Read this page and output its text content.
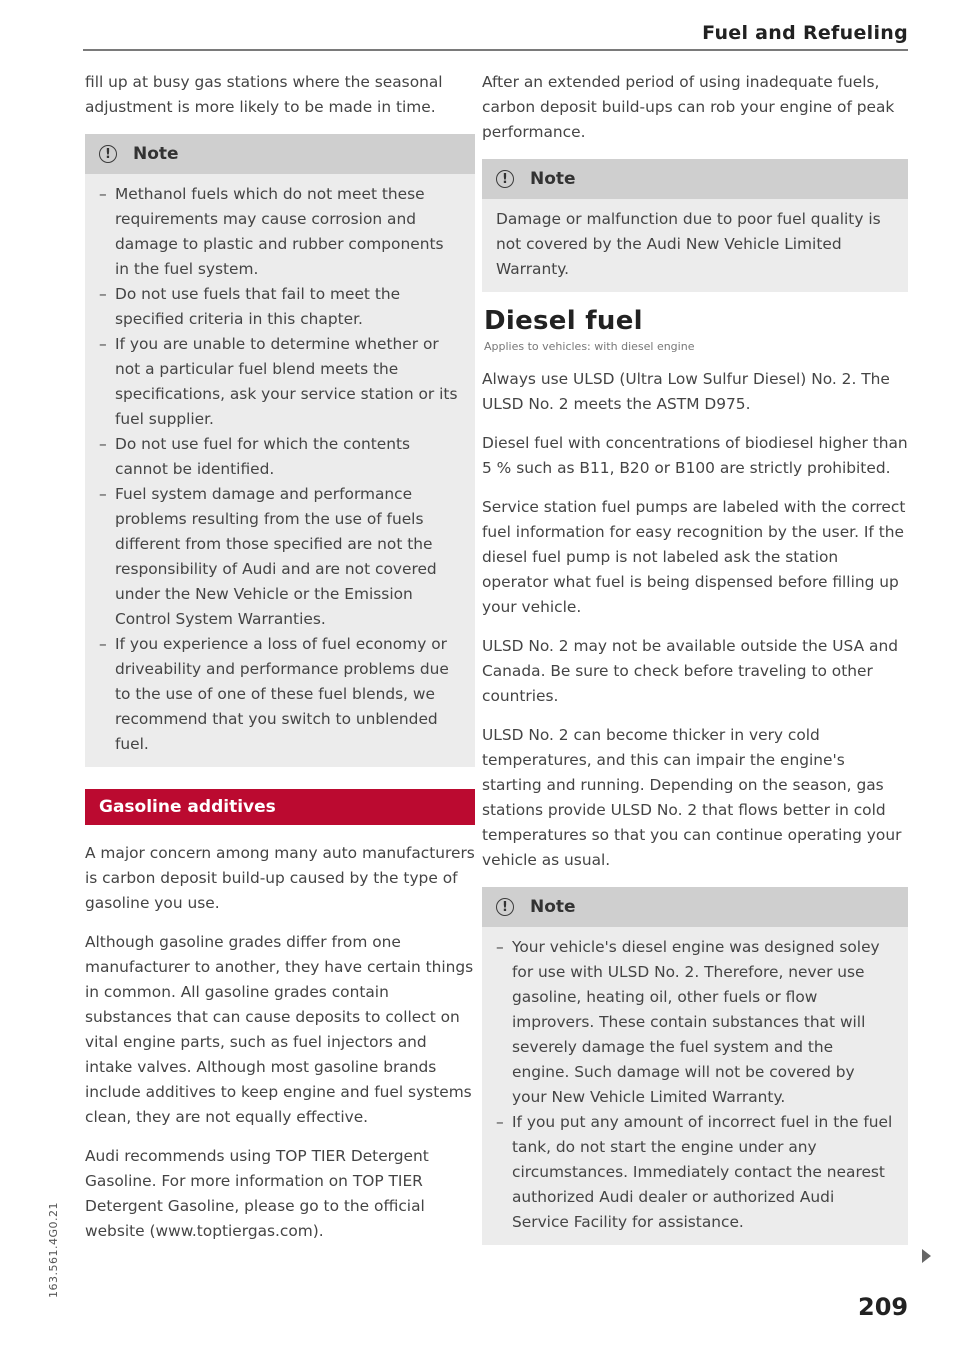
Fuel and Refueling

fill up at busy gas stations where the seasonal adjustment is more likely to be made in time.

!	Note
– Methanol fuels which do not meet these requirements may cause corrosion and damage to plastic and rubber components in the fuel system.
– Do not use fuels that fail to meet the specified criteria in this chapter.
– If you are unable to determine whether or not a particular fuel blend meets the specifications, ask your service station or its fuel supplier.
– Do not use fuel for which the contents cannot be identified.
– Fuel system damage and performance problems resulting from the use of fuels different from those specified are not the responsibility of Audi and are not covered under the New Vehicle or the Emission Control System Warranties.
– If you experience a loss of fuel economy or driveability and performance problems due to the use of one of these fuel blends, we recommend that you switch to unblended fuel.
Gasoline additives

A major concern among many auto manufacturers is carbon deposit build-up caused by the type of gasoline you use.

Although gasoline grades differ from one manufacturer to another, they have certain things in common. All gasoline grades contain substances that can cause deposits to collect on vital engine parts, such as fuel injectors and intake valves. Although most gasoline brands include additives to keep engine and fuel systems clean, they are not equally effective.

Audi recommends using TOP TIER Detergent Gasoline. For more information on TOP TIER Detergent Gasoline, please go to the official website (www.toptiergas.com).

After an extended period of using inadequate fuels, carbon deposit build-ups can rob your engine of peak performance.

!	Note

Damage or malfunction due to poor fuel quality is not covered by the Audi New Vehicle Limited Warranty.

Diesel fuel
Applies to vehicles: with diesel engine

Always use ULSD (Ultra Low Sulfur Diesel) No. 2. The ULSD No. 2 meets the ASTM D975.

Diesel fuel with concentrations of biodiesel higher than 5 % such as B11, B20 or B100 are strictly prohibited.

Service station fuel pumps are labeled with the correct fuel information for easy recognition by the user. If the diesel fuel pump is not labeled ask the station operator what fuel is being dispensed before filling up your vehicle.

ULSD No. 2 may not be available outside the USA and Canada. Be sure to check before traveling to other countries.

ULSD No. 2 can become thicker in very cold temperatures, and this can impair the engine's starting and running. Depending on the season, gas stations provide ULSD No. 2 that flows better in cold temperatures so that you can continue operating your vehicle as usual.

!	Note
– Your vehicle's diesel engine was designed soley for use with ULSD No. 2. Therefore, never use gasoline, heating oil, other fuels or flow improvers. These contain substances that will severely damage the fuel system and the engine. Such damage will not be covered by your New Vehicle Limited Warranty.
– If you put any amount of incorrect fuel in the fuel tank, do not start the engine under any circumstances. Immediately contact the nearest authorized Audi dealer or authorized Audi Service Facility for assistance.
209
163.561.4G0.21
